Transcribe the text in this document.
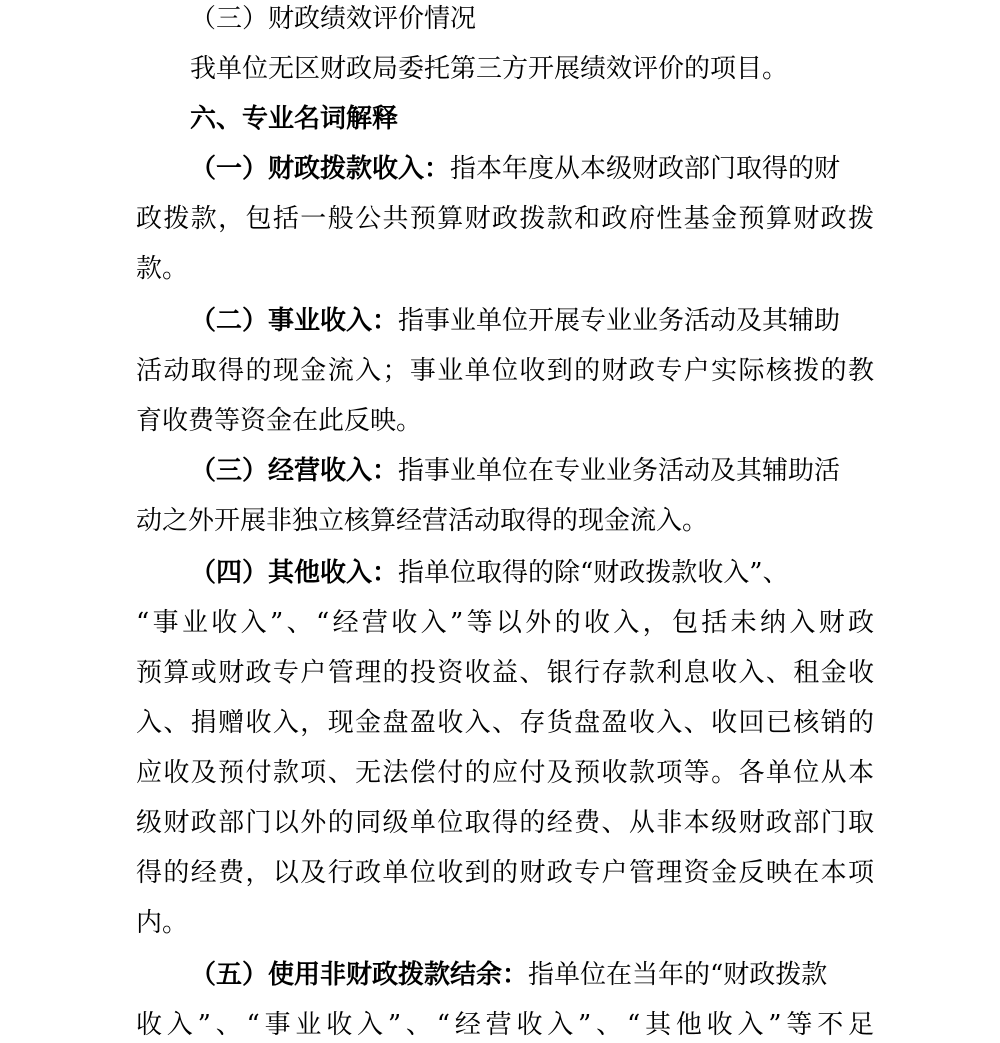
（三）财政绩效评价情况
我单位无区财政局委托第三方开展绩效评价的项目。
六、专业名词解释
（一）财政拨款收入：指本年度从本级财政部门取得的财
政拨款，包括一般公共预算财政拨款和政府性基金预算财政拨
款。
（二）事业收入：指事业单位开展专业业务活动及其辅助
活动取得的现金流入；事业单位收到的财政专户实际核拨的教
育收费等资金在此反映。
（三）经营收入：指事业单位在专业业务活动及其辅助活
动之外开展非独立核算经营活动取得的现金流入。
（四）其他收入：指单位取得的除“财政拨款收入”、
“事业收入”、“经营收入”等以外的收入，包括未纳入财政
预算或财政专户管理的投资收益、银行存款利息收入、租金收
入、捐赠收入，现金盘盈收入、存货盘盈收入、收回已核销的
应收及预付款项、无法偿付的应付及预收款项等。各单位从本
级财政部门以外的同级单位取得的经费、从非本级财政部门取
得的经费，以及行政单位收到的财政专户管理资金反映在本项
内。
（五）使用非财政拨款结余：指单位在当年的“财政拨款
收入”、“事业收入”、“经营收入”、“其他收入”等不足
